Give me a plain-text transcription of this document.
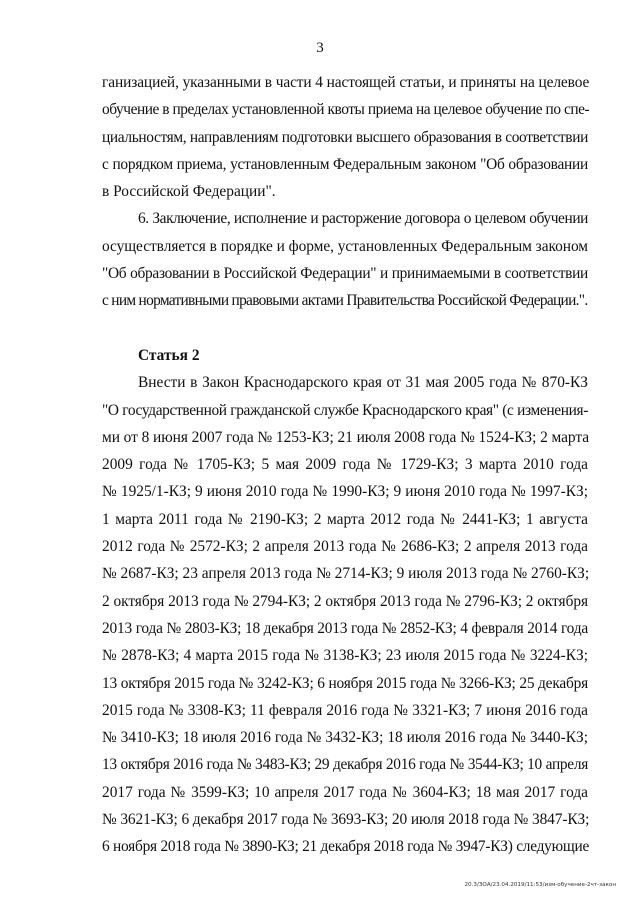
3
ганизацией, указанными в части 4 настоящей статьи, и приняты на целевое
обучение в пределах установленной квоты приема на целевое обучение по спе-
циальностям, направлениям подготовки высшего образования в соответствии
с порядком приема, установленным Федеральным законом "Об образовании
в Российской Федерации".
6. Заключение, исполнение и расторжение договора о целевом обучении
осуществляется в порядке и форме, установленных Федеральным законом
"Об образовании в Российской Федерации" и принимаемыми в соответствии
с ним нормативными правовыми актами Правительства Российской Федерации.".
Статья 2
Внести в Закон Краснодарского края от 31 мая 2005 года № 870-КЗ
"О государственной гражданской службе Краснодарского края" (с изменения-
ми от 8 июня 2007 года № 1253-КЗ; 21 июля 2008 года № 1524-КЗ; 2 марта
2009 года № 1705-КЗ; 5 мая 2009 года № 1729-КЗ; 3 марта 2010 года
№ 1925/1-КЗ; 9 июня 2010 года № 1990-КЗ; 9 июня 2010 года № 1997-КЗ;
1 марта 2011 года № 2190-КЗ; 2 марта 2012 года № 2441-КЗ; 1 августа
2012 года № 2572-КЗ; 2 апреля 2013 года № 2686-КЗ; 2 апреля 2013 года
№ 2687-КЗ; 23 апреля 2013 года № 2714-КЗ; 9 июля 2013 года № 2760-КЗ;
2 октября 2013 года № 2794-КЗ; 2 октября 2013 года № 2796-КЗ; 2 октября
2013 года № 2803-КЗ; 18 декабря 2013 года № 2852-КЗ; 4 февраля 2014 года
№ 2878-КЗ; 4 марта 2015 года № 3138-КЗ; 23 июля 2015 года № 3224-КЗ;
13 октября 2015 года № 3242-КЗ; 6 ноября 2015 года № 3266-КЗ; 25 декабря
2015 года № 3308-КЗ; 11 февраля 2016 года № 3321-КЗ; 7 июня 2016 года
№ 3410-КЗ; 18 июля 2016 года № 3432-КЗ; 18 июля 2016 года № 3440-КЗ;
13 октября 2016 года № 3483-КЗ; 29 декабря 2016 года № 3544-КЗ; 10 апреля
2017 года № 3599-КЗ; 10 апреля 2017 года № 3604-КЗ; 18 мая 2017 года
№ 3621-КЗ; 6 декабря 2017 года № 3693-КЗ; 20 июля 2018 года № 3847-КЗ;
6 ноября 2018 года № 3890-КЗ; 21 декабря 2018 года № 3947-КЗ) следующие
20.3/ЗОА/23.04.2019/11:53/изм-обучение-2чт-закон
